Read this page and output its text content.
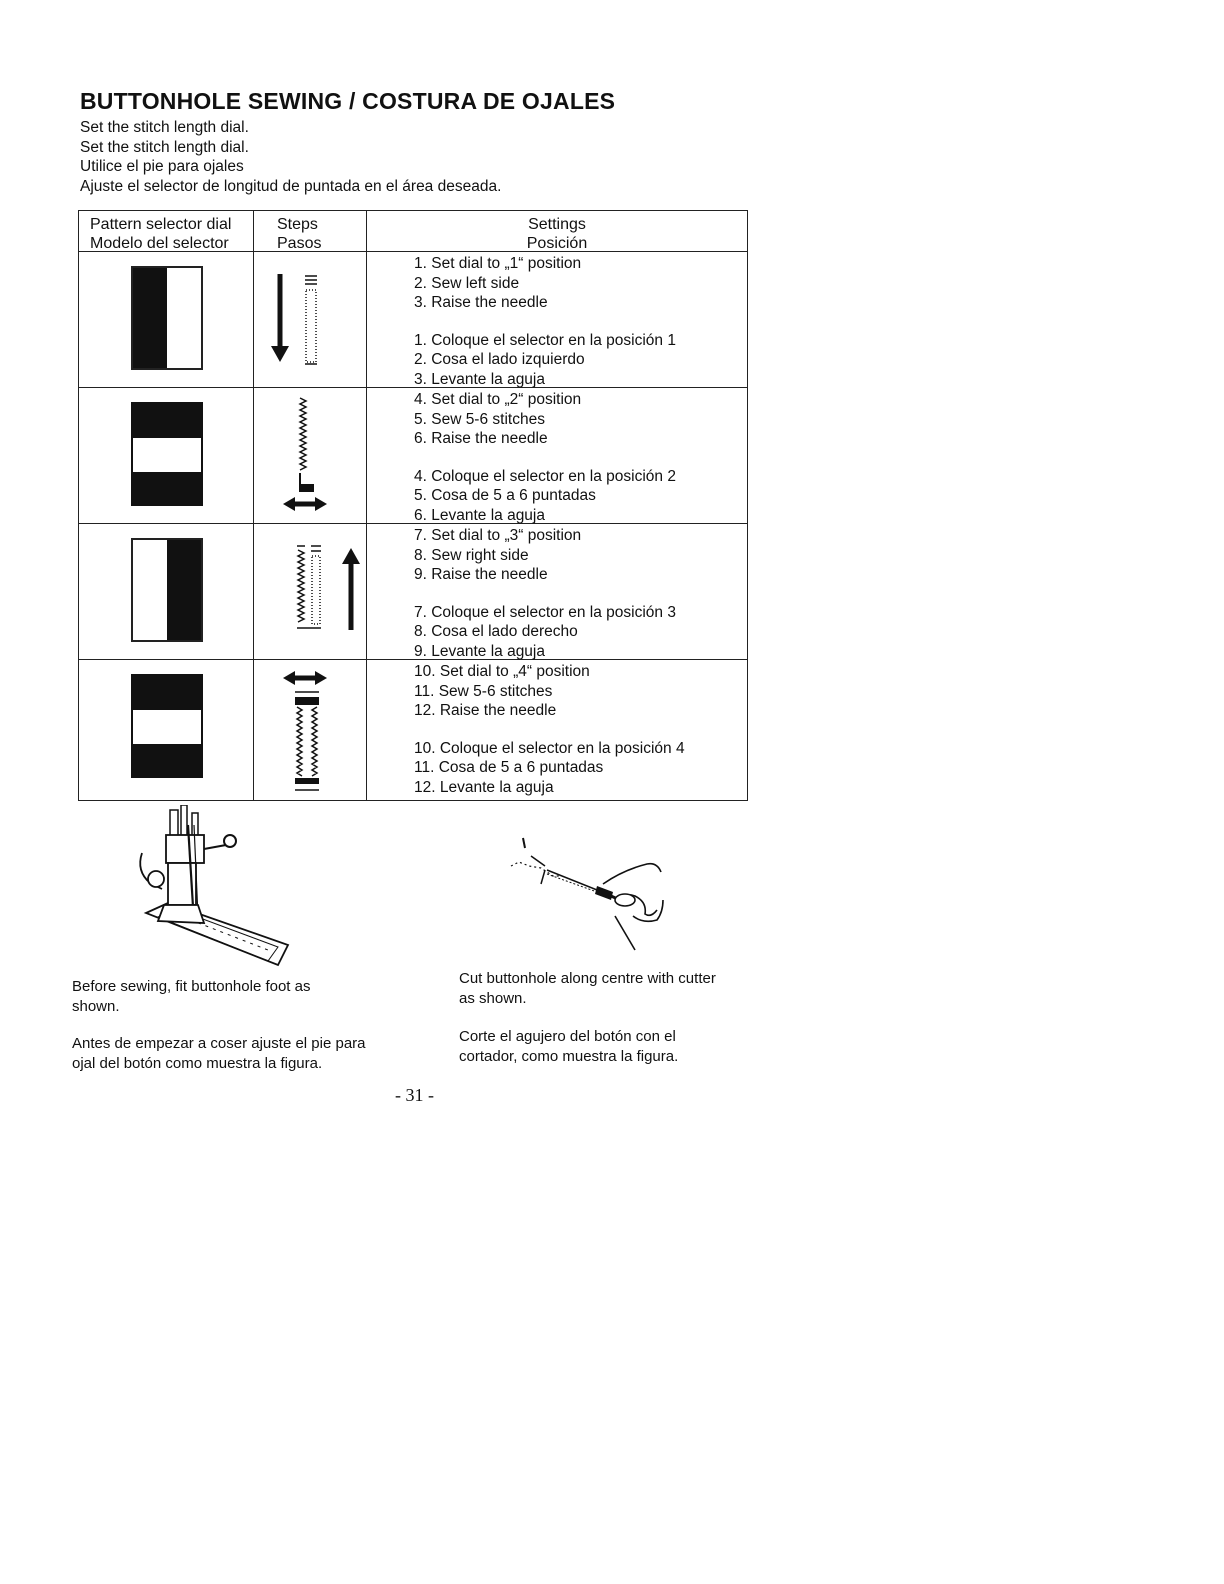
BUTTONHOLE SEWING / COSTURA DE OJALES
Set the stitch length dial.
Set the stitch length dial.
Utilice el pie para ojales
Ajuste el selector de longitud de puntada en el área deseada.
Pattern selector dial
Modelo del selector
Steps
Pasos
Settings
Posición
1. Set dial to „1“ position
2. Sew left side
3. Raise the needle
1. Coloque el selector en la posición 1
2. Cosa el lado izquierdo
3. Levante la aguja
4. Set dial to „2“ position
5. Sew 5-6 stitches
6. Raise the needle
4. Coloque el selector en la posición 2
5. Cosa de 5 a 6 puntadas
6. Levante la aguja
7. Set dial to „3“ position
8. Sew right side
9. Raise the needle
7. Coloque el selector en la posición 3
8. Cosa el lado derecho
9. Levante la aguja
10. Set dial to „4“ position
11. Sew 5-6 stitches
12. Raise the needle
10. Coloque el selector en la posición 4
11. Cosa de 5 a 6 puntadas
12. Levante la aguja
Before sewing, fit buttonhole foot as
shown.
Antes de empezar a coser ajuste el pie para
ojal del botón como muestra la figura.
Cut buttonhole along centre with cutter
as shown.
Corte el agujero del botón con el
cortador, como muestra la figura.
- 31 -
